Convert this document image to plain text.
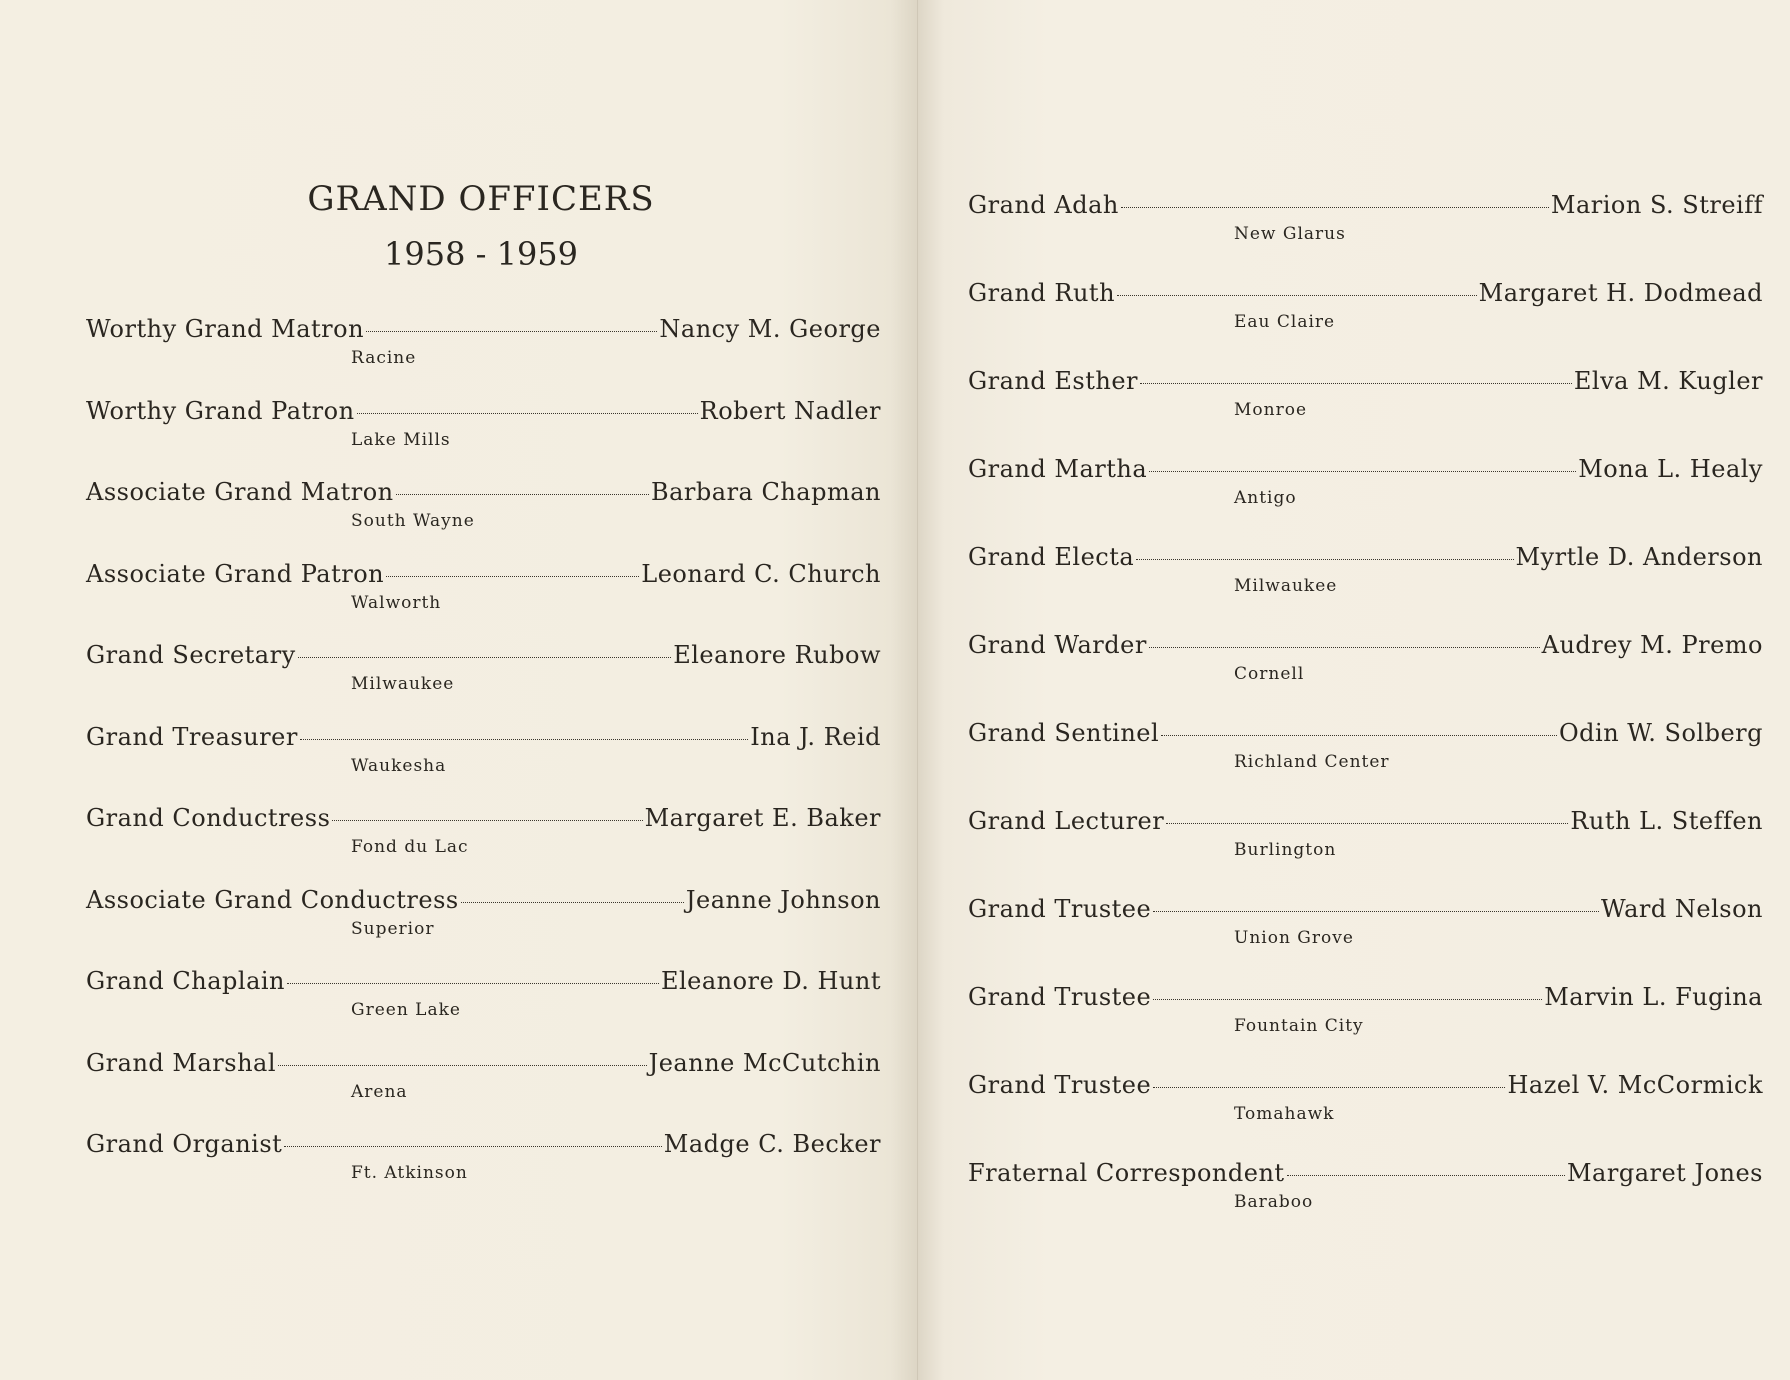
GRAND OFFICERS
1958 - 1959
Worthy Grand Matron	Nancy M. George
Racine
Worthy Grand Patron	Robert Nadler
Lake Mills
Associate Grand Matron	Barbara Chapman
South Wayne
Associate Grand Patron	Leonard C. Church
Walworth
Grand Secretary	Eleanore Rubow
Milwaukee
Grand Treasurer	Ina J. Reid
Waukesha
Grand Conductress	Margaret E. Baker
Fond du Lac
Associate Grand Conductress	Jeanne Johnson
Superior
Grand Chaplain	Eleanore D. Hunt
Green Lake
Grand Marshal	Jeanne McCutchin
Arena
Grand Organist	Madge C. Becker
Ft. Atkinson
Grand Adah	Marion S. Streiff
New Glarus
Grand Ruth	Margaret H. Dodmead
Eau Claire
Grand Esther	Elva M. Kugler
Monroe
Grand Martha	Mona L. Healy
Antigo
Grand Electa	Myrtle D. Anderson
Milwaukee
Grand Warder	Audrey M. Premo
Cornell
Grand Sentinel	Odin W. Solberg
Richland Center
Grand Lecturer	Ruth L. Steffen
Burlington
Grand Trustee	Ward Nelson
Union Grove
Grand Trustee	Marvin L. Fugina
Fountain City
Grand Trustee	Hazel V. McCormick
Tomahawk
Fraternal Correspondent	Margaret Jones
Baraboo
